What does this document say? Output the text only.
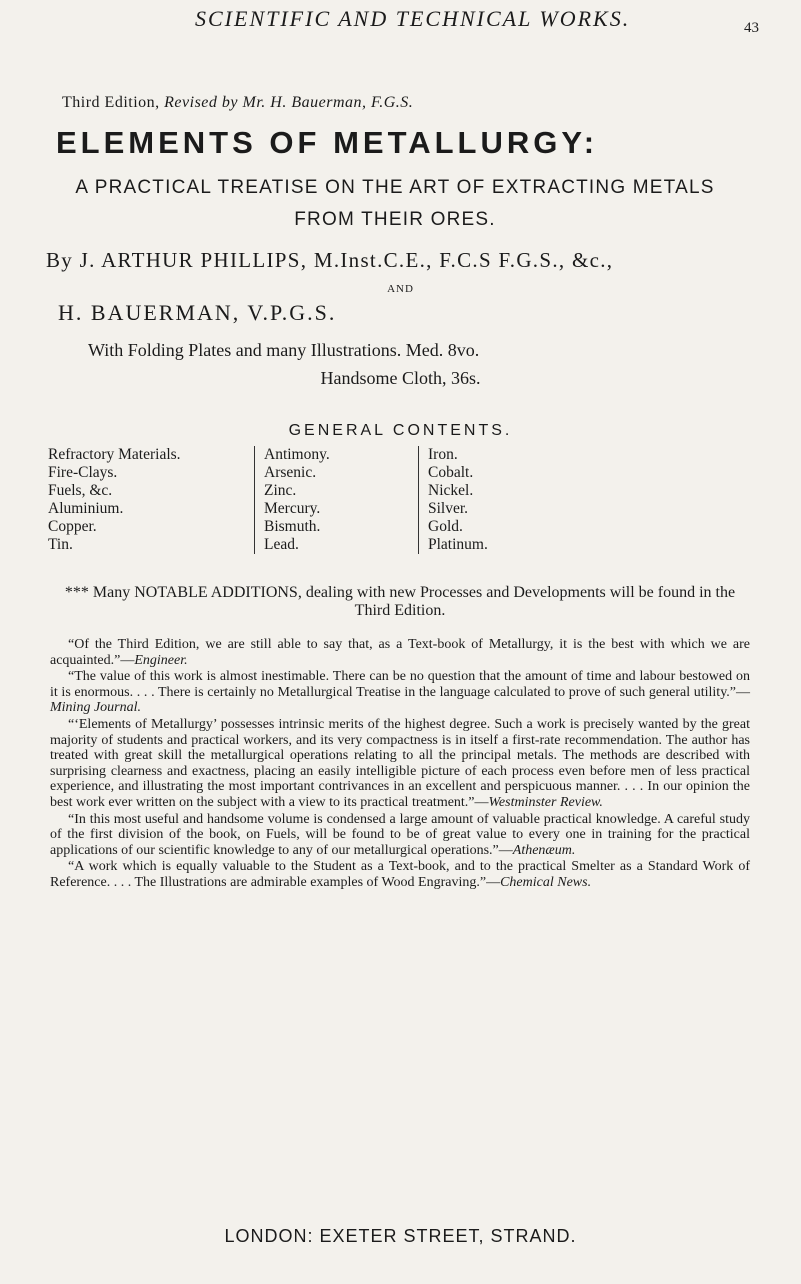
SCIENTIFIC AND TECHNICAL WORKS.	43
Third Edition, Revised by Mr. H. Bauerman, F.G.S.
ELEMENTS OF METALLURGY:
A PRACTICAL TREATISE ON THE ART OF EXTRACTING METALS FROM THEIR ORES.
By J. ARTHUR PHILLIPS, M.Inst.C.E., F.C.S F.G.S., &c.,
AND
H. BAUERMAN, V.P.G.S.
With Folding Plates and many Illustrations. Med. 8vo.
Handsome Cloth, 36s.
GENERAL CONTENTS.
Refractory Materials.
Fire-Clays.
Fuels, &c.
Aluminium.
Copper.
Tin.
Antimony.
Arsenic.
Zinc.
Mercury.
Bismuth.
Lead.
Iron.
Cobalt.
Nickel.
Silver.
Gold.
Platinum.
*** Many NOTABLE ADDITIONS, dealing with new Processes and Developments will be found in the Third Edition.

“Of the Third Edition, we are still able to say that, as a Text-book of Metallurgy, it is the best with which we are acquainted.”—Engineer.

“The value of this work is almost inestimable. There can be no question that the amount of time and labour bestowed on it is enormous. . . . There is certainly no Metallurgical Treatise in the language calculated to prove of such general utility.”—Mining Journal.

“‘Elements of Metallurgy’ possesses intrinsic merits of the highest degree. Such a work is precisely wanted by the great majority of students and practical workers, and its very compactness is in itself a first-rate recommendation. The author has treated with great skill the metallurgical operations relating to all the principal metals. The methods are described with surprising clearness and exactness, placing an easily intelligible picture of each process even before men of less practical experience, and illustrating the most important contrivances in an excellent and perspicuous manner. . . . In our opinion the best work ever written on the subject with a view to its practical treatment.”—Westminster Review.

“In this most useful and handsome volume is condensed a large amount of valuable practical knowledge. A careful study of the first division of the book, on Fuels, will be found to be of great value to every one in training for the practical applications of our scientific knowledge to any of our metallurgical operations.”—Athenæum.

“A work which is equally valuable to the Student as a Text-book, and to the practical Smelter as a Standard Work of Reference. . . . The Illustrations are admirable examples of Wood Engraving.”—Chemical News.

LONDON: EXETER STREET, STRAND.
